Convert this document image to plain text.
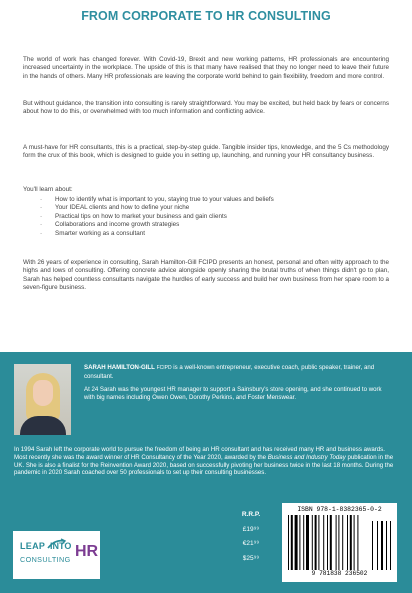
FROM CORPORATE TO HR CONSULTING
The world of work has changed forever. With Covid-19, Brexit and new working patterns, HR professionals are encountering increased uncertainty in the workplace. The upside of this is that many have realised that they no longer need to leave their future in the hands of others. Many HR professionals are leaving the corporate world behind to gain flexibility, freedom and more control.
But without guidance, the transition into consulting is rarely straightforward. You may be excited, but held back by fears or concerns about how to do this, or overwhelmed with too much information and conflicting advice.
A must-have for HR consultants, this is a practical, step-by-step guide. Tangible insider tips, knowledge, and the 5 Cs methodology form the crux of this book, which is designed to guide you in setting up, launching, and running your HR consultancy business.
You'll learn about:
· How to identify what is important to you, staying true to your values and beliefs
· Your IDEAL clients and how to define your niche
· Practical tips on how to market your business and gain clients
· Collaborations and income growth strategies
· Smarter working as a consultant
With 26 years of experience in consulting, Sarah Hamilton-Gill FCIPD presents an honest, personal and often witty approach to the highs and lows of consulting. Offering concrete advice alongside openly sharing the brutal truths of when things didn't go to plan, Sarah has helped countless consultants navigate the hurdles of early success and build her own business from her spare room to a seven-figure business.
SARAH HAMILTON-GILL FCIPD is a well-known entrepreneur, executive coach, public speaker, trainer, and consultant.
At 24 Sarah was the youngest HR manager to support a Sainsbury's store opening, and she continued to work with big names including Owen Owen, Dorothy Perkins, and Foster Menswear.
In 1994 Sarah left the corporate world to pursue the freedom of being an HR consultant and has received many HR and business awards. Most recently she was the award winner of HR Consultancy of the Year 2020, awarded by the Business and Industry Today publication in the UK. She is also a finalist for the Reinvention Award 2020, based on successfully pivoting her business twice in the last 18 months. During the pandemic in 2020 Sarah coached over 50 professionals to set up their consulting businesses.
LEAP INTO
CONSULTING HR
R.R.P.
£19⁹⁹
€21⁹⁹
$25⁹⁹
ISBN 978-1-8382365-0-2
9 781838 236502
